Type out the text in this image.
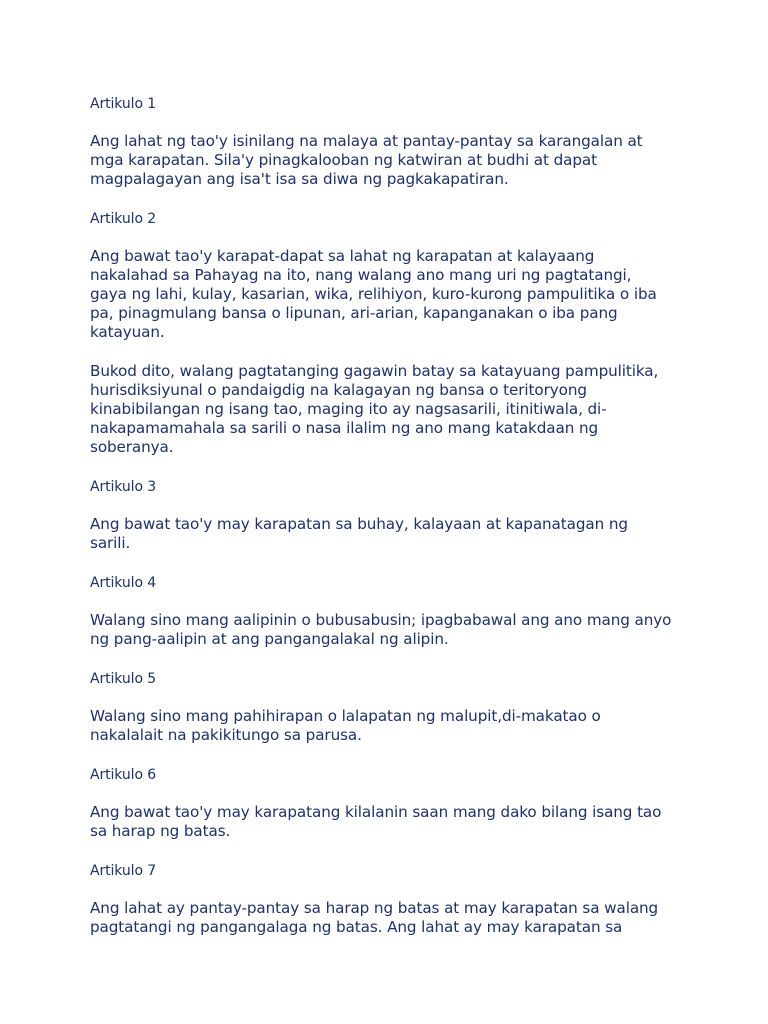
Artikulo 1

Ang lahat ng tao'y isinilang na malaya at pantay-pantay sa karangalan at
mga karapatan. Sila'y pinagkalooban ng katwiran at budhi at dapat
magpalagayan ang isa't isa sa diwa ng pagkakapatiran.

Artikulo 2

Ang bawat tao'y karapat-dapat sa lahat ng karapatan at kalayaang
nakalahad sa Pahayag na ito, nang walang ano mang uri ng pagtatangi,
gaya ng lahi, kulay, kasarian, wika, relihiyon, kuro-kurong pampulitika o iba
pa, pinagmulang bansa o lipunan, ari-arian, kapanganakan o iba pang
katayuan.

Bukod dito, walang pagtatanging gagawin batay sa katayuang pampulitika,
hurisdiksiyunal o pandaigdig na kalagayan ng bansa o teritoryong
kinabibilangan ng isang tao, maging ito ay nagsasarili, itinitiwala, di-
nakapamamahala sa sarili o nasa ilalim ng ano mang katakdaan ng
soberanya.

Artikulo 3

Ang bawat tao'y may karapatan sa buhay, kalayaan at kapanatagan ng
sarili.

Artikulo 4

Walang sino mang aalipinin o bubusabusin; ipagbabawal ang ano mang anyo
ng pang-aalipin at ang pangangalakal ng alipin.

Artikulo 5

Walang sino mang pahihirapan o lalapatan ng malupit,di-makatao o
nakalalait na pakikitungo sa parusa.

Artikulo 6

Ang bawat tao'y may karapatang kilalanin saan mang dako bilang isang tao
sa harap ng batas.

Artikulo 7

Ang lahat ay pantay-pantay sa harap ng batas at may karapatan sa walang
pagtatangi ng pangangalaga ng batas. Ang lahat ay may karapatan sa
